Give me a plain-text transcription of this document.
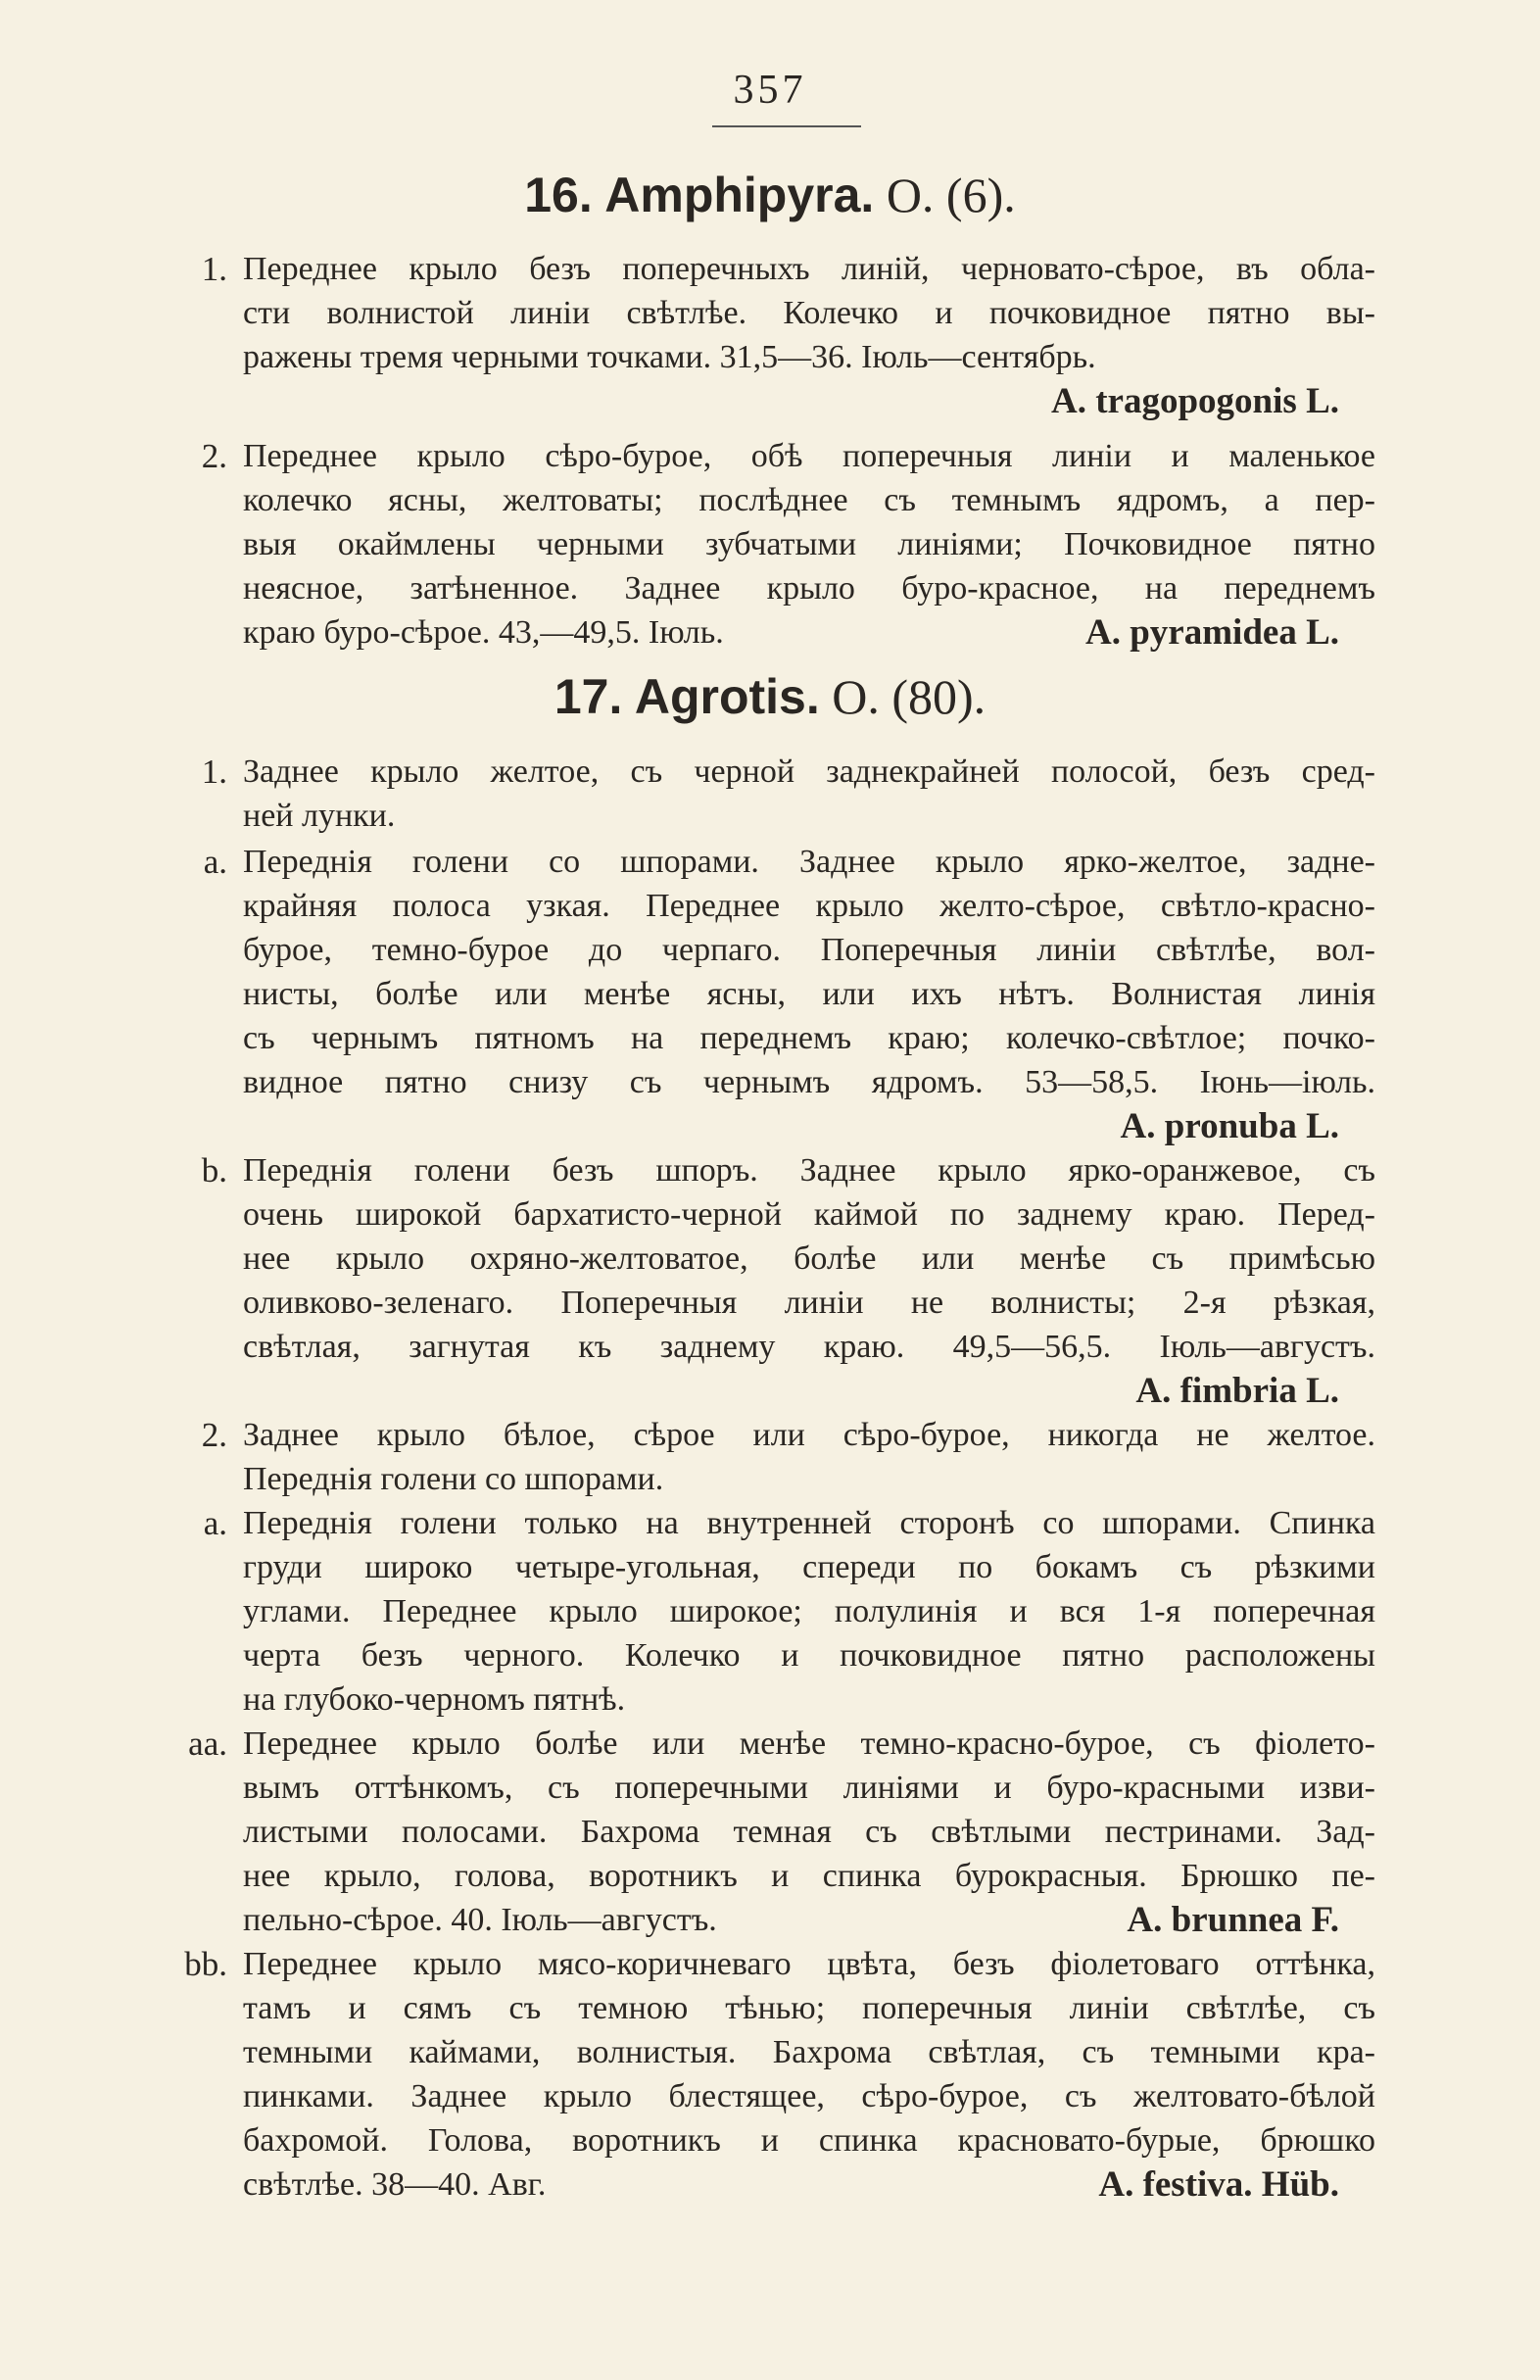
357
16. Amphipyra. O. (6).
1. Переднее крыло безъ поперечныхъ линій, черновато-сѣрое, въ обла-
сти волнистой линіи свѣтлѣе. Колечко и почковидное пятно вы-
ражены тремя черными точками. 31,5—36. Іюль—сентябрь.
A. tragopogonis L.
2. Переднее крыло сѣро-бурое, обѣ поперечныя линіи и маленькое
колечко ясны, желтоваты; послѣднее съ темнымъ ядромъ, а пер-
выя окаймлены черными зубчатыми линіями; Почковидное пятно
неясное, затѣненное. Заднее крыло буро-красное, на переднемъ
краю буро-сѣрое. 43,—49,5. Іюль.	A. pyramidea L.
17. Agrotis. O. (80).
1. Заднее крыло желтое, съ черной заднекрайней полосой, безъ сред-
ней лунки.
a. Переднія голени со шпорами. Заднее крыло ярко-желтое, задне-
крайняя полоса узкая. Переднее крыло желто-сѣрое, свѣтло-красно-
бурое, темно-бурое до черпаго. Поперечныя линіи свѣтлѣе, вол-
нисты, болѣе или менѣе ясны, или ихъ нѣтъ. Волнистая линія
съ чернымъ пятномъ на переднемъ краю; колечко-свѣтлое; почко-
видное пятно снизу съ чернымъ ядромъ. 53—58,5. Іюнь—іюль.
A. pronuba L.
b. Переднія голени безъ шпоръ. Заднее крыло ярко-оранжевое, съ
очень широкой бархатисто-черной каймой по заднему краю. Перед-
нее крыло охряно-желтоватое, болѣе или менѣе съ примѣсью
оливково-зеленаго. Поперечныя линіи не волнисты; 2-я рѣзкая,
свѣтлая, загнутая къ заднему краю. 49,5—56,5. Іюль—августъ.
A. fimbria L.
2. Заднее крыло бѣлое, сѣрое или сѣро-бурое, никогда не желтое.
Переднія голени со шпорами.
a. Переднія голени только на внутренней сторонѣ со шпорами. Спинка
груди широко четыре-угольная, спереди по бокамъ съ рѣзкими
углами. Переднее крыло широкое; полулинія и вся 1-я поперечная
черта безъ черного. Колечко и почковидное пятно расположены
на глубоко-черномъ пятнѣ.
aa. Переднее крыло болѣе или менѣе темно-красно-бурое, съ фіолето-
вымъ оттѣнкомъ, съ поперечными линіями и буро-красными изви-
листыми полосами. Бахрома темная съ свѣтлыми пестринами. Зад-
нее крыло, голова, воротникъ и спинка бурокрасныя. Брюшко пе-
пельно-сѣрое. 40. Іюль—августъ.	A. brunnea F.
bb. Переднее крыло мясо-коричневаго цвѣта, безъ фіолетоваго оттѣнка,
тамъ и сямъ съ темною тѣнью; поперечныя линіи свѣтлѣе, съ
темными каймами, волнистыя. Бахрома свѣтлая, съ темными кра-
пинками. Заднее крыло блестящее, сѣро-бурое, съ желтовато-бѣлой
бахромой. Голова, воротникъ и спинка красновато-бурые, брюшко
свѣтлѣе. 38—40. Авг.	A. festiva. Hüb.
